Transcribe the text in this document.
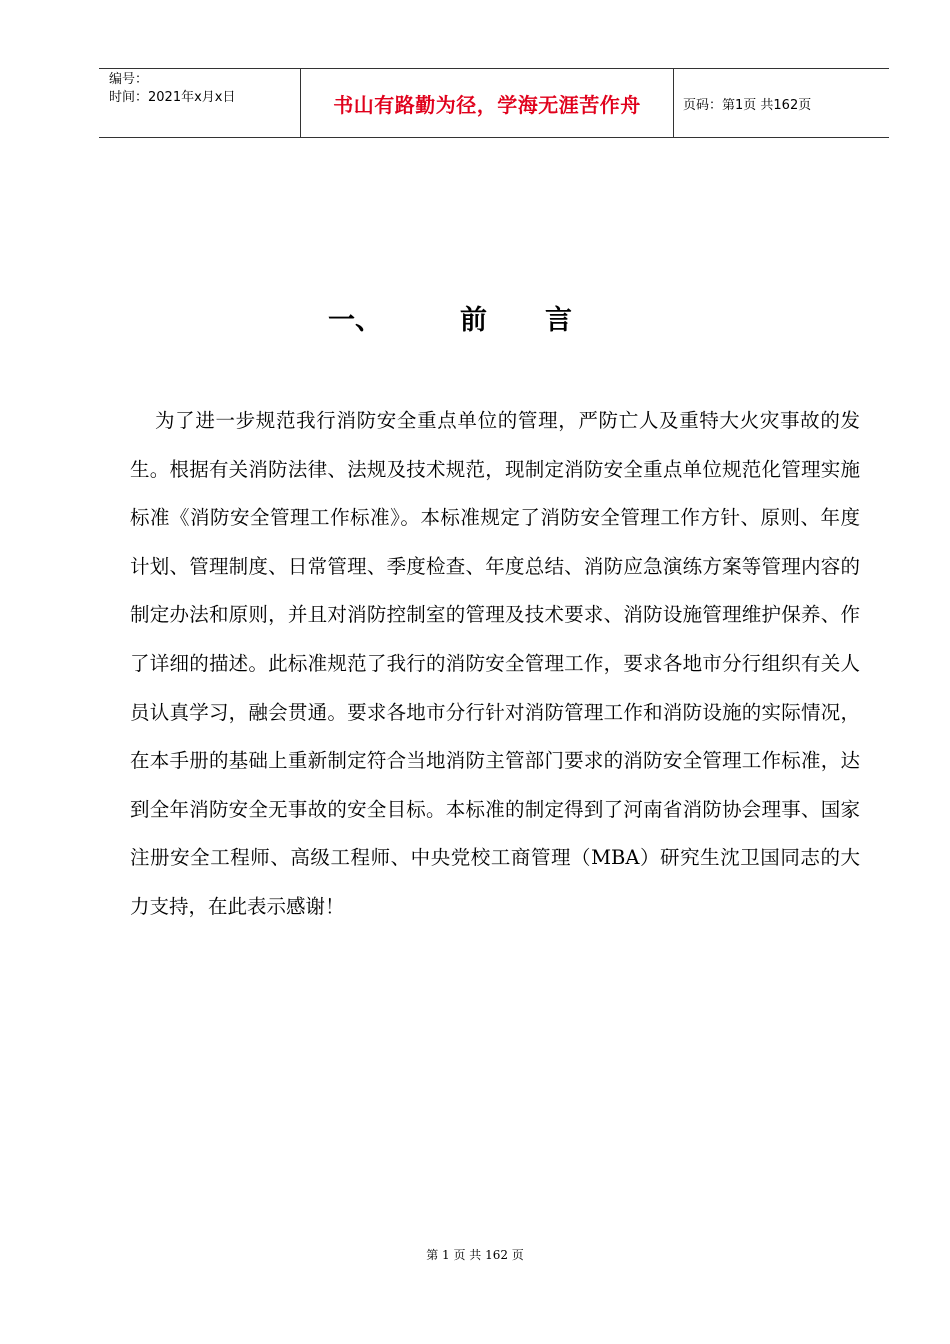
编号：
时间：2021年x月x日	书山有路勤为径，学海无涯苦作舟	页码：第1页 共162页
一、	前 言
为了进一步规范我行消防安全重点单位的管理，严防亡人及重特大火灾事故的发生。根据有关消防法律、法规及技术规范，现制定消防安全重点单位规范化管理实施标准《消防安全管理工作标准》。本标准规定了消防安全管理工作方针、原则、年度计划、管理制度、日常管理、季度检查、年度总结、消防应急演练方案等管理内容的制定办法和原则，并且对消防控制室的管理及技术要求、消防设施管理维护保养、作了详细的描述。此标准规范了我行的消防安全管理工作，要求各地市分行组织有关人员认真学习，融会贯通。要求各地市分行针对消防管理工作和消防设施的实际情况，在本手册的基础上重新制定符合当地消防主管部门要求的消防安全管理工作标准，达到全年消防安全无事故的安全目标。本标准的制定得到了河南省消防协会理事、国家注册安全工程师、高级工程师、中央党校工商管理（MBA）研究生沈卫国同志的大力支持，在此表示感谢！
第 1 页 共 162 页
